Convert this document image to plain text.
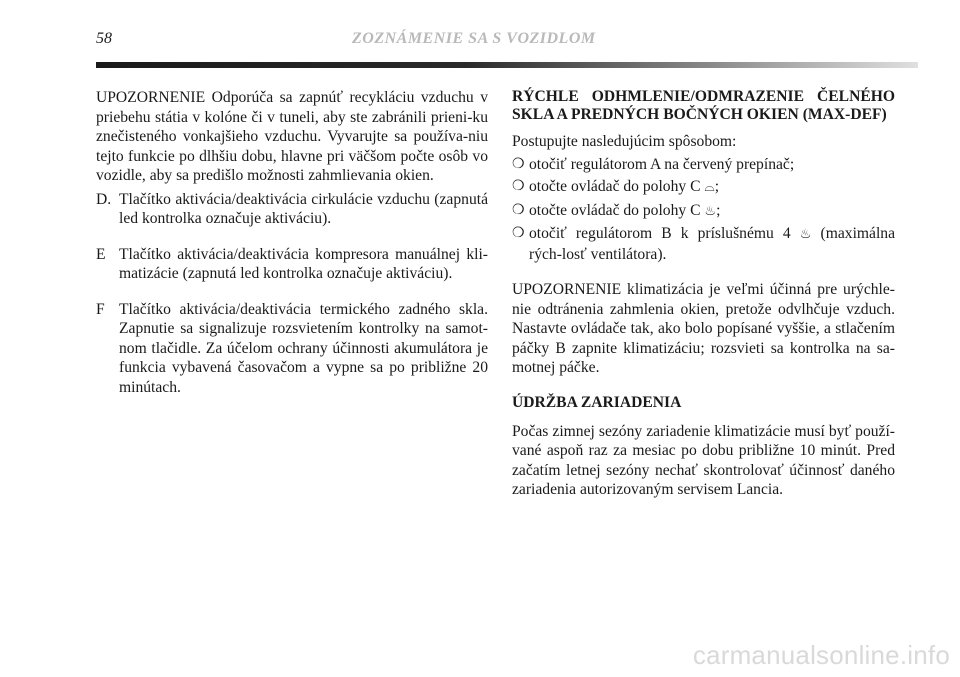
58	ZOZNÁMENIE SA S VOZIDLOM

UPOZORNENIE Odporúča sa zapnúť recykláciu vzduchu v priebehu státia v kolóne či v tuneli, aby ste zabránili prieni-ku znečisteného vonkajšieho vzduchu. Vyvarujte sa používa-niu tejto funkcie po dlhšiu dobu, hlavne pri väčšom počte osôb vo vozidle, aby sa predišlo možnosti zahmlievania okien.

D. Tlačítko aktivácia/deaktivácia cirkulácie vzduchu (zapnutá led kontrolka označuje aktiváciu).
E Tlačítko aktivácia/deaktivácia kompresora manuálnej kli-matizácie (zapnutá led kontrolka označuje aktiváciu).
F Tlačítko aktivácia/deaktivácia termického zadného skla. Zapnutie sa signalizuje rozsvietením kontrolky na samot-nom tlačidle. Za účelom ochrany účinnosti akumulátora je funkcia vybavená časovačom a vypne sa po približne 20 minútach.
RÝCHLE ODHMLENIE/ODMRAZENIE ČELNÉHO SKLA A PREDNÝCH BOČNÝCH OKIEN (MAX-DEF)

Postupujte nasledujúcim spôsobom:

❍ otočiť regulátorom A na červený prepínač;
❍ otočte ovládač do polohy C ⌓;
❍ otočte ovládač do polohy C ♨;
❍ otočiť regulátorom B k príslušnému 4 ♨ (maximálna rých-losť ventilátora).

UPOZORNENIE klimatizácia je veľmi účinná pre urýchle-nie odtránenia zahmlenia okien, pretože odvlhčuje vzduch. Nastavte ovládače tak, ako bolo popísané vyššie, a stlačením páčky B zapnite klimatizáciu; rozsvieti sa kontrolka na sa-motnej páčke.

ÚDRŽBA ZARIADENIA

Počas zimnej sezóny zariadenie klimatizácie musí byť použí-vané aspoň raz za mesiac po dobu približne 10 minút. Pred začatím letnej sezóny nechať skontrolovať účinnosť daného zariadenia autorizovaným servisem Lancia.

carmanualsonline.info
